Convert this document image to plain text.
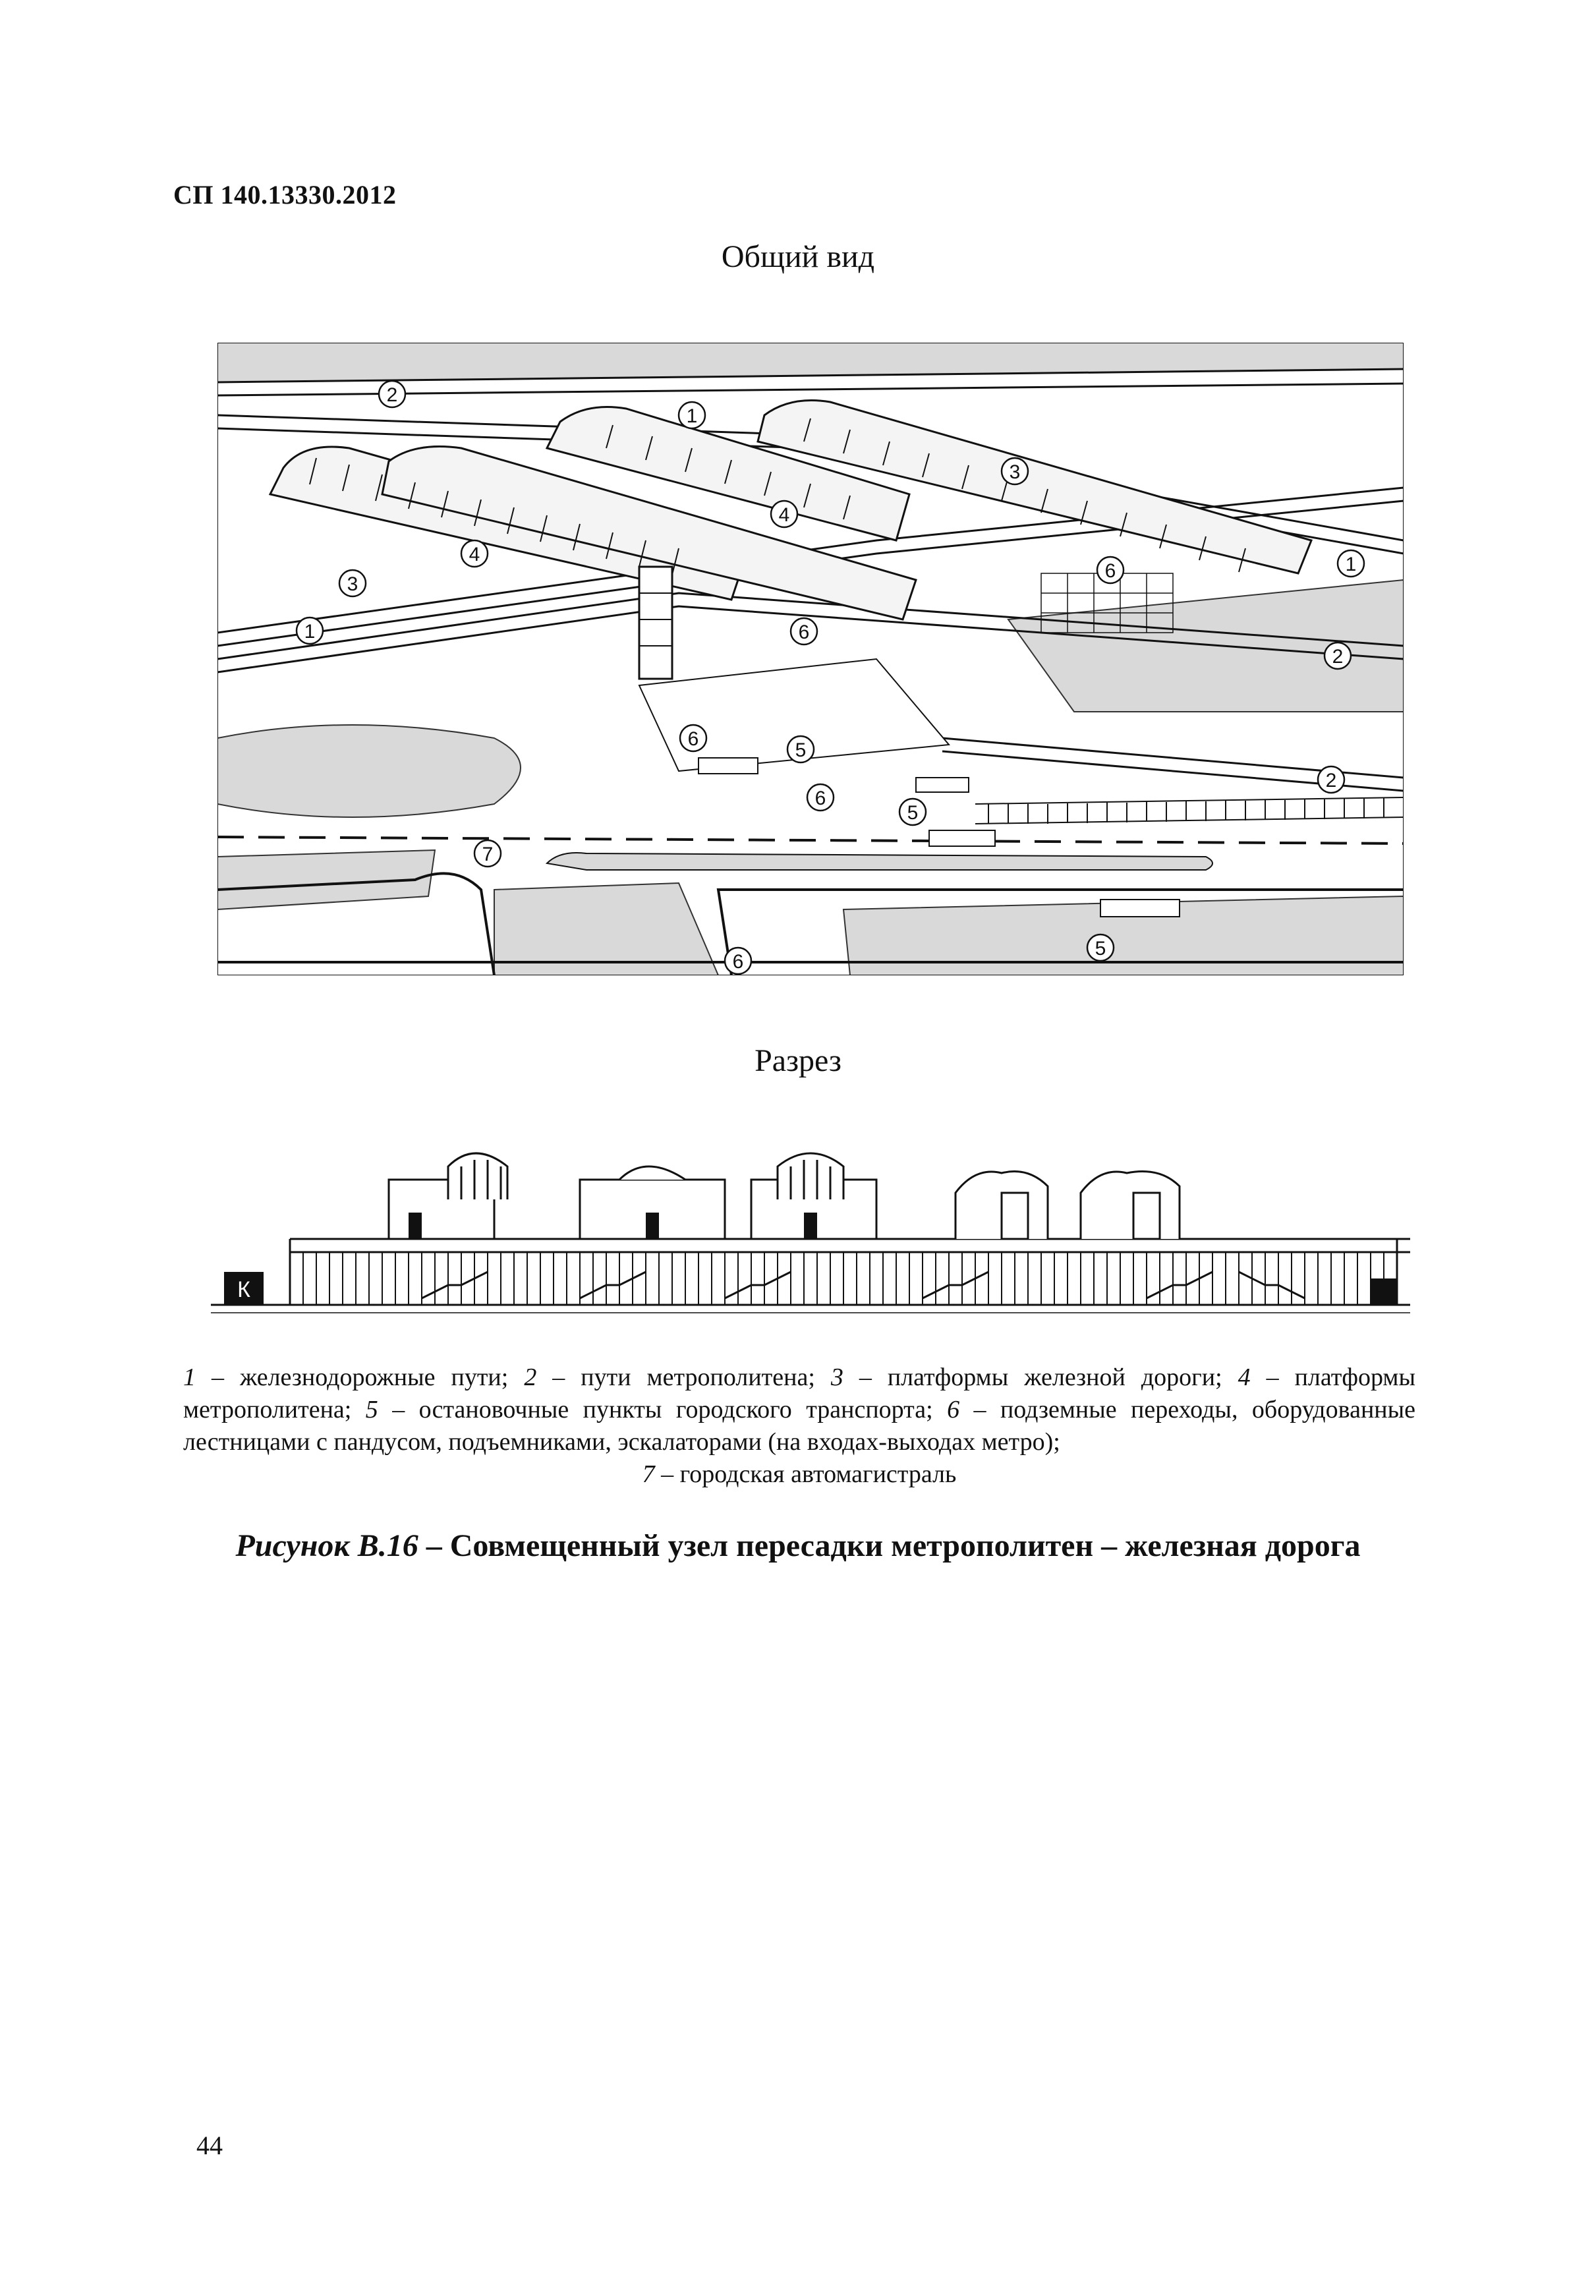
СП 140.13330.2012
Общий вид
2
1
3
4
4
6	1
3
1	6
2
6
5
2
6
5
7
6
5
Разрез
К
1 – железнодорожные пути; 2 – пути метрополитена; 3 – платформы железной дороги; 4 – платформы метрополитена; 5 – остановочные пункты городского транспорта; 6 – подземные переходы, оборудованные лестницами с пандусом, подъемниками, эскалаторами (на входах-выходах метро);
7 – городская автомагистраль
Рисунок В.16 – Совмещенный узел пересадки метрополитен – железная дорога
44
